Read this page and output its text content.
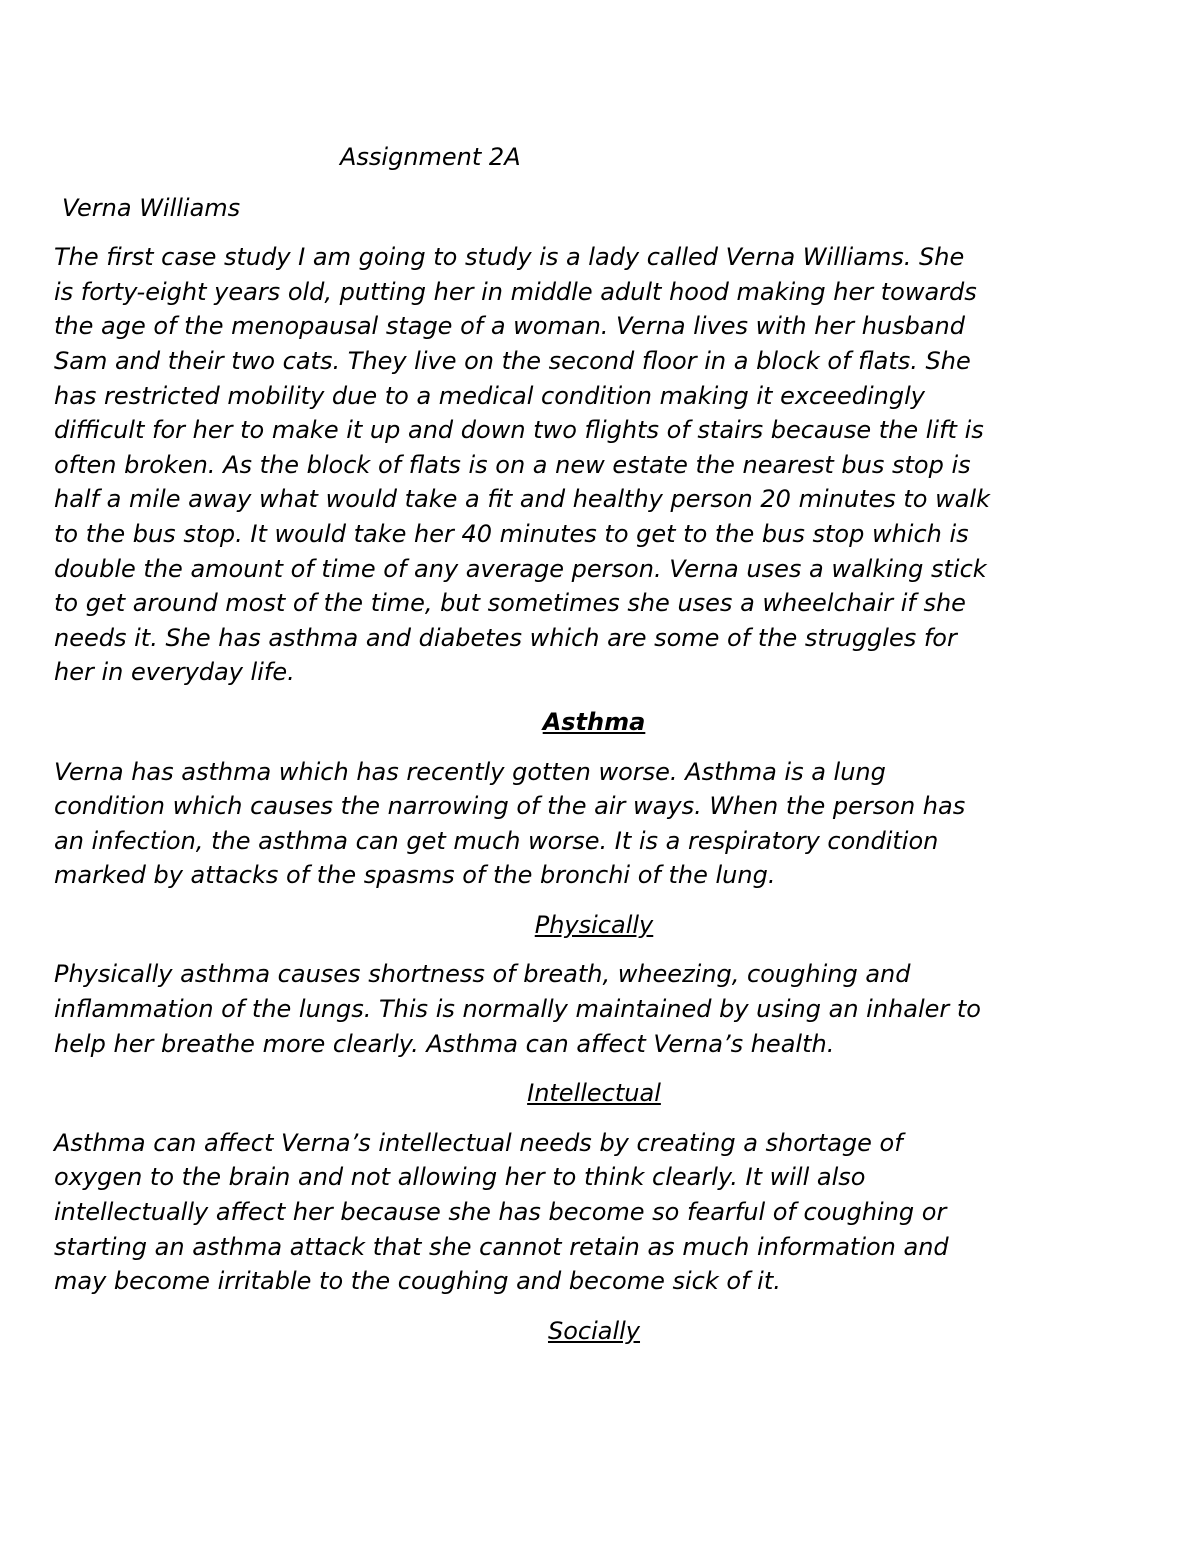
Assignment 2A
Verna Williams

The first case study I am going to study is a lady called Verna Williams. She
is forty-eight years old, putting her in middle adult hood making her towards
the age of the menopausal stage of a woman. Verna lives with her husband
Sam and their two cats. They live on the second floor in a block of flats. She
has restricted mobility due to a medical condition making it exceedingly
difficult for her to make it up and down two flights of stairs because the lift is
often broken. As the block of flats is on a new estate the nearest bus stop is
half a mile away what would take a fit and healthy person 20 minutes to walk
to the bus stop. It would take her 40 minutes to get to the bus stop which is
double the amount of time of any average person. Verna uses a walking stick
to get around most of the time, but sometimes she uses a wheelchair if she
needs it. She has asthma and diabetes which are some of the struggles for
her in everyday life.

Asthma

Verna has asthma which has recently gotten worse. Asthma is a lung
condition which causes the narrowing of the air ways. When the person has
an infection, the asthma can get much worse. It is a respiratory condition
marked by attacks of the spasms of the bronchi of the lung.

Physically

Physically asthma causes shortness of breath, wheezing, coughing and
inflammation of the lungs. This is normally maintained by using an inhaler to
help her breathe more clearly. Asthma can affect Verna’s health.

Intellectual

Asthma can affect Verna’s intellectual needs by creating a shortage of
oxygen to the brain and not allowing her to think clearly. It will also
intellectually affect her because she has become so fearful of coughing or
starting an asthma attack that she cannot retain as much information and
may become irritable to the coughing and become sick of it.

Socially
